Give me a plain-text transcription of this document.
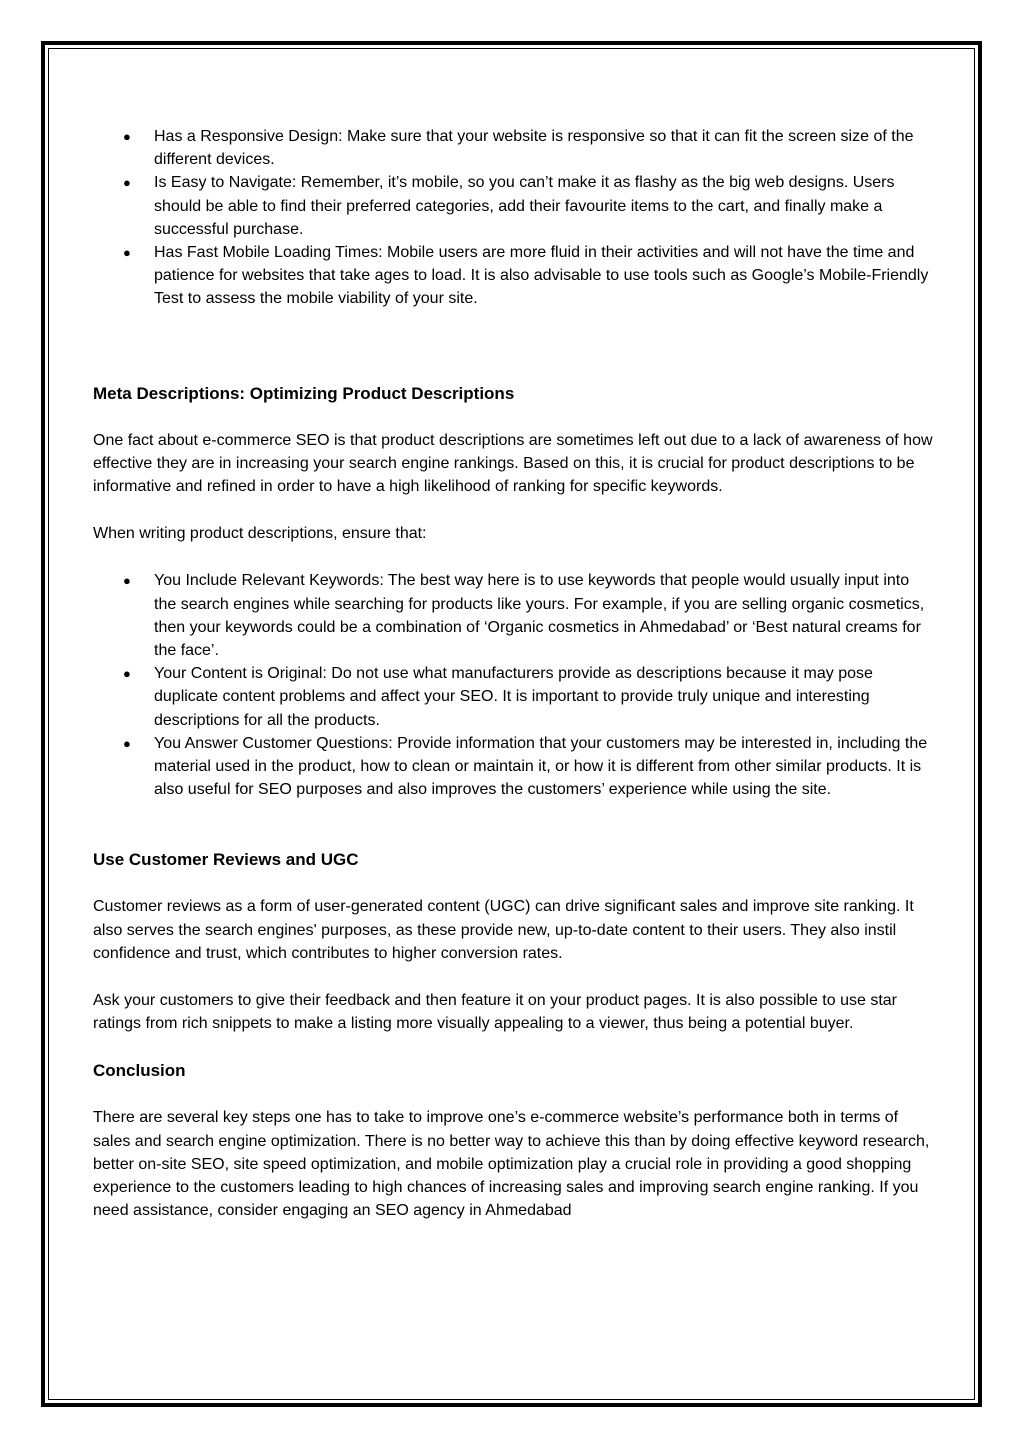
● Has a Responsive Design: Make sure that your website is responsive so that it can fit the screen size of the different devices.
● Is Easy to Navigate: Remember, it’s mobile, so you can’t make it as flashy as the big web designs. Users should be able to find their preferred categories, add their favourite items to the cart, and finally make a successful purchase.
● Has Fast Mobile Loading Times: Mobile users are more fluid in their activities and will not have the time and patience for websites that take ages to load. It is also advisable to use tools such as Google’s Mobile-Friendly Test to assess the mobile viability of your site.
Meta Descriptions: Optimizing Product Descriptions

One fact about e-commerce SEO is that product descriptions are sometimes left out due to a lack of awareness of how effective they are in increasing your search engine rankings. Based on this, it is crucial for product descriptions to be informative and refined in order to have a high likelihood of ranking for specific keywords.

When writing product descriptions, ensure that:

● You Include Relevant Keywords: The best way here is to use keywords that people would usually input into the search engines while searching for products like yours. For example, if you are selling organic cosmetics, then your keywords could be a combination of ‘Organic cosmetics in Ahmedabad’ or ‘Best natural creams for the face’.
● Your Content is Original: Do not use what manufacturers provide as descriptions because it may pose duplicate content problems and affect your SEO. It is important to provide truly unique and interesting descriptions for all the products.
● You Answer Customer Questions: Provide information that your customers may be interested in, including the material used in the product, how to clean or maintain it, or how it is different from other similar products. It is also useful for SEO purposes and also improves the customers’ experience while using the site.
Use Customer Reviews and UGC

Customer reviews as a form of user-generated content (UGC) can drive significant sales and improve site ranking. It also serves the search engines' purposes, as these provide new, up-to-date content to their users. They also instil confidence and trust, which contributes to higher conversion rates.

Ask your customers to give their feedback and then feature it on your product pages. It is also possible to use star ratings from rich snippets to make a listing more visually appealing to a viewer, thus being a potential buyer.

Conclusion

There are several key steps one has to take to improve one’s e-commerce website’s performance both in terms of sales and search engine optimization. There is no better way to achieve this than by doing effective keyword research, better on-site SEO, site speed optimization, and mobile optimization play a crucial role in providing a good shopping experience to the customers leading to high chances of increasing sales and improving search engine ranking. If you need assistance, consider engaging an SEO agency in Ahmedabad
